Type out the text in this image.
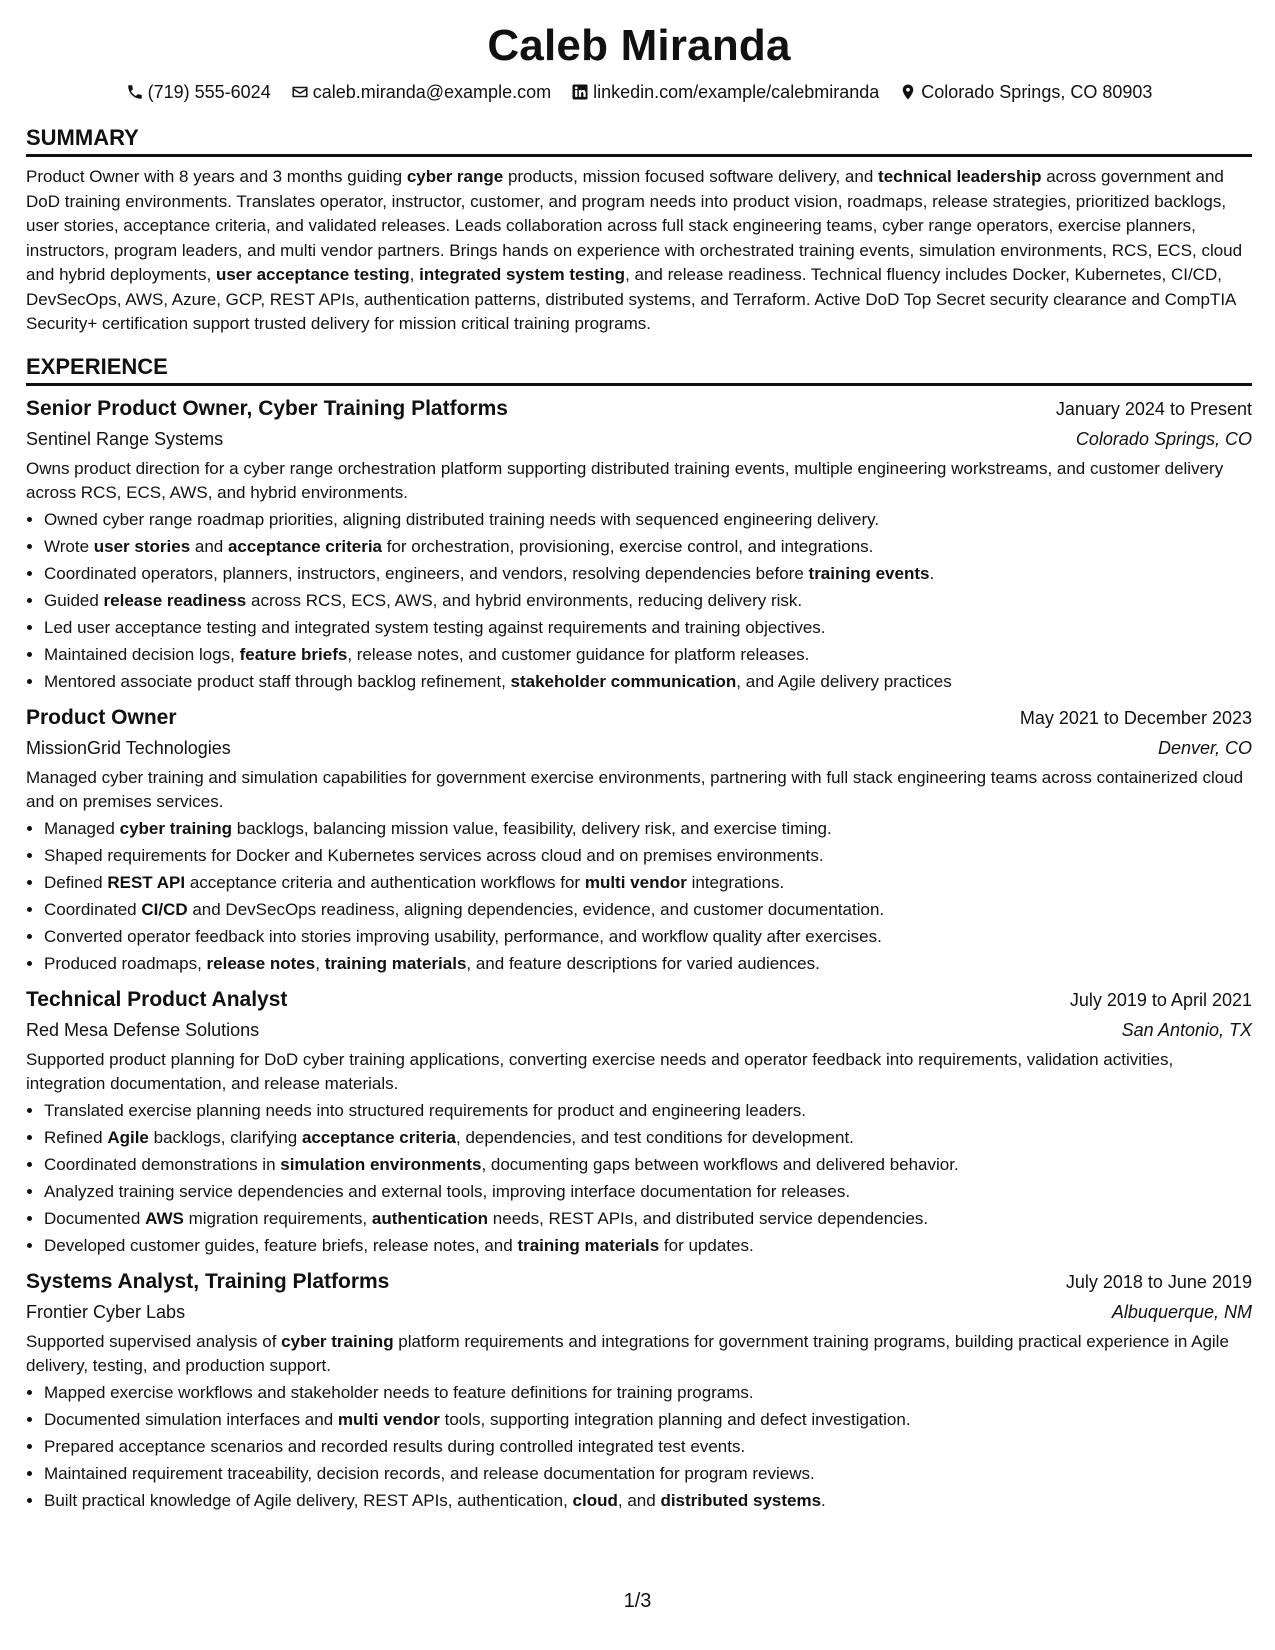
Caleb Miranda
(719) 555-6024 caleb.miranda@example.com linkedin.com/example/calebmiranda Colorado Springs, CO 80903
SUMMARY
Product Owner with 8 years and 3 months guiding cyber range products, mission focused software delivery, and technical leadership across government and DoD training environments. Translates operator, instructor, customer, and program needs into product vision, roadmaps, release strategies, prioritized backlogs, user stories, acceptance criteria, and validated releases. Leads collaboration across full stack engineering teams, cyber range operators, exercise planners, instructors, program leaders, and multi vendor partners. Brings hands on experience with orchestrated training events, simulation environments, RCS, ECS, cloud and hybrid deployments, user acceptance testing, integrated system testing, and release readiness. Technical fluency includes Docker, Kubernetes, CI/CD, DevSecOps, AWS, Azure, GCP, REST APIs, authentication patterns, distributed systems, and Terraform. Active DoD Top Secret security clearance and CompTIA Security+ certification support trusted delivery for mission critical training programs.
EXPERIENCE
Senior Product Owner, Cyber Training Platforms	January 2024 to Present
Sentinel Range Systems	Colorado Springs, CO
Owns product direction for a cyber range orchestration platform supporting distributed training events, multiple engineering workstreams, and customer delivery across RCS, ECS, AWS, and hybrid environments.
• Owned cyber range roadmap priorities, aligning distributed training needs with sequenced engineering delivery.
• Wrote user stories and acceptance criteria for orchestration, provisioning, exercise control, and integrations.
• Coordinated operators, planners, instructors, engineers, and vendors, resolving dependencies before training events.
• Guided release readiness across RCS, ECS, AWS, and hybrid environments, reducing delivery risk.
• Led user acceptance testing and integrated system testing against requirements and training objectives.
• Maintained decision logs, feature briefs, release notes, and customer guidance for platform releases.
• Mentored associate product staff through backlog refinement, stakeholder communication, and Agile delivery practices
Product Owner	May 2021 to December 2023
MissionGrid Technologies	Denver, CO
Managed cyber training and simulation capabilities for government exercise environments, partnering with full stack engineering teams across containerized cloud and on premises services.
• Managed cyber training backlogs, balancing mission value, feasibility, delivery risk, and exercise timing.
• Shaped requirements for Docker and Kubernetes services across cloud and on premises environments.
• Defined REST API acceptance criteria and authentication workflows for multi vendor integrations.
• Coordinated CI/CD and DevSecOps readiness, aligning dependencies, evidence, and customer documentation.
• Converted operator feedback into stories improving usability, performance, and workflow quality after exercises.
• Produced roadmaps, release notes, training materials, and feature descriptions for varied audiences.
Technical Product Analyst	July 2019 to April 2021
Red Mesa Defense Solutions	San Antonio, TX
Supported product planning for DoD cyber training applications, converting exercise needs and operator feedback into requirements, validation activities, integration documentation, and release materials.
• Translated exercise planning needs into structured requirements for product and engineering leaders.
• Refined Agile backlogs, clarifying acceptance criteria, dependencies, and test conditions for development.
• Coordinated demonstrations in simulation environments, documenting gaps between workflows and delivered behavior.
• Analyzed training service dependencies and external tools, improving interface documentation for releases.
• Documented AWS migration requirements, authentication needs, REST APIs, and distributed service dependencies.
• Developed customer guides, feature briefs, release notes, and training materials for updates.
Systems Analyst, Training Platforms	July 2018 to June 2019
Frontier Cyber Labs	Albuquerque, NM
Supported supervised analysis of cyber training platform requirements and integrations for government training programs, building practical experience in Agile delivery, testing, and production support.
• Mapped exercise workflows and stakeholder needs to feature definitions for training programs.
• Documented simulation interfaces and multi vendor tools, supporting integration planning and defect investigation.
• Prepared acceptance scenarios and recorded results during controlled integrated test events.
• Maintained requirement traceability, decision records, and release documentation for program reviews.
• Built practical knowledge of Agile delivery, REST APIs, authentication, cloud, and distributed systems.
1/3
